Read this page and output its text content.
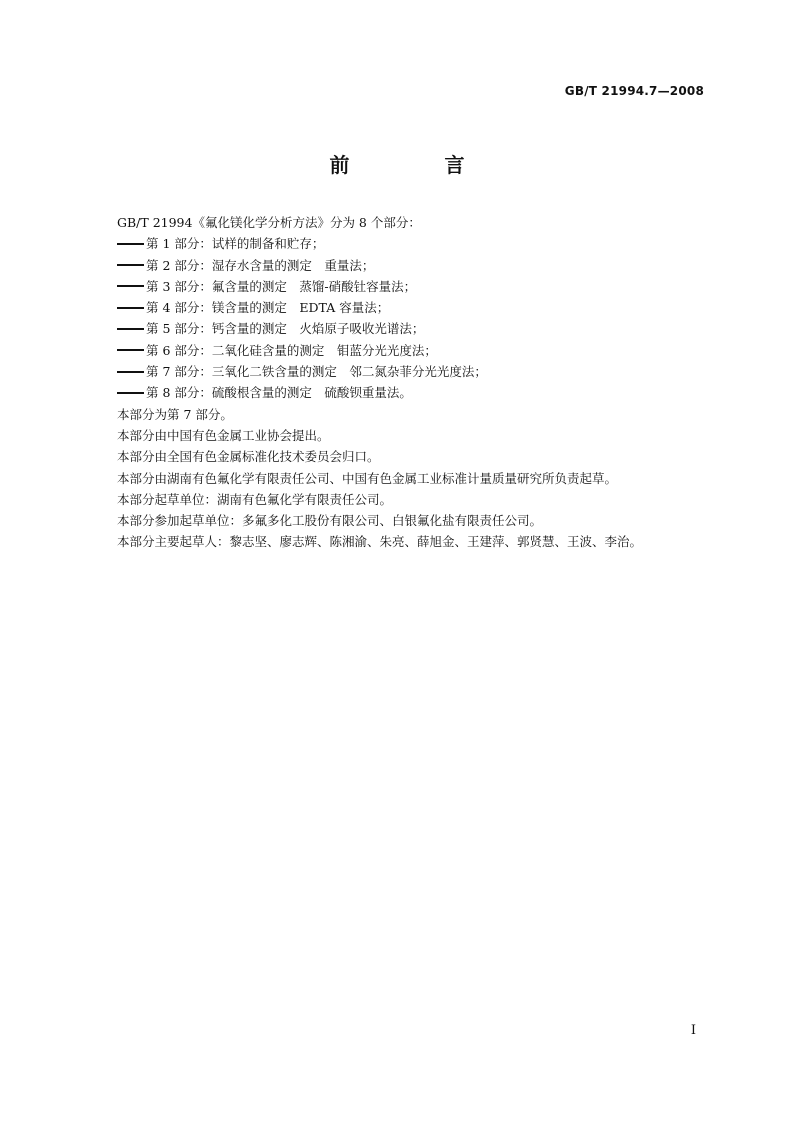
GB/T 21994.7—2008
前 言
GB/T 21994《氟化镁化学分析方法》分为 8 个部分：
第 1 部分：试样的制备和贮存；
第 2 部分：湿存水含量的测定　重量法；
第 3 部分：氟含量的测定　蒸馏-硝酸钍容量法；
第 4 部分：镁含量的测定　EDTA 容量法；
第 5 部分：钙含量的测定　火焰原子吸收光谱法；
第 6 部分：二氧化硅含量的测定　钼蓝分光光度法；
第 7 部分：三氧化二铁含量的测定　邻二氮杂菲分光光度法；
第 8 部分：硫酸根含量的测定　硫酸钡重量法。
本部分为第 7 部分。
本部分由中国有色金属工业协会提出。
本部分由全国有色金属标准化技术委员会归口。
本部分由湖南有色氟化学有限责任公司、中国有色金属工业标准计量质量研究所负责起草。
本部分起草单位：湖南有色氟化学有限责任公司。
本部分参加起草单位：多氟多化工股份有限公司、白银氟化盐有限责任公司。
本部分主要起草人：黎志坚、廖志辉、陈湘渝、朱亮、薛旭金、王建萍、郭贤慧、王波、李治。
I
